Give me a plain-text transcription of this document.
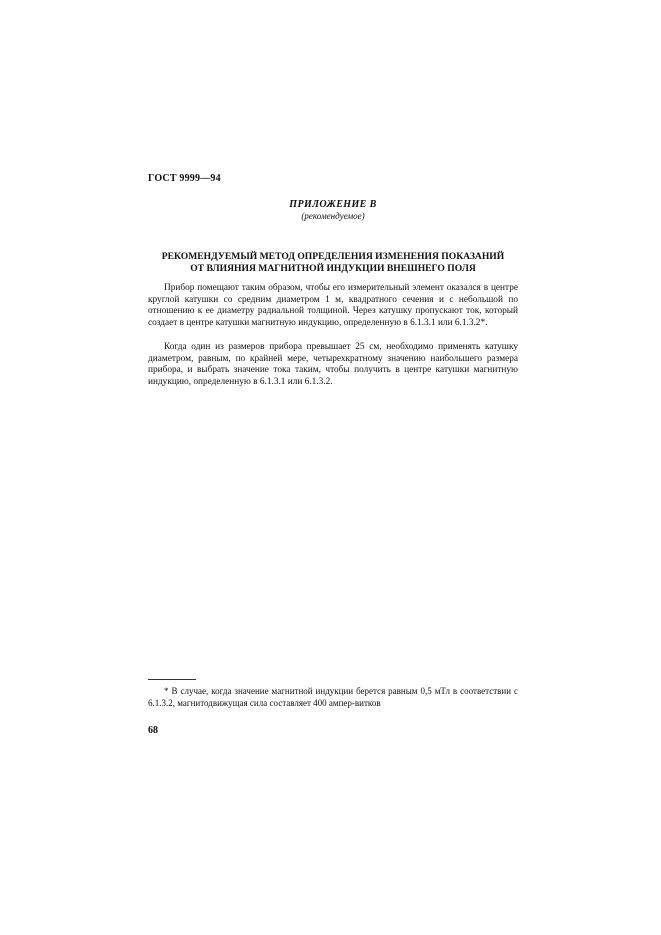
ГОСТ 9999—94
ПРИЛОЖЕНИЕ В
(рекомендуемое)
РЕКОМЕНДУЕМЫЙ МЕТОД ОПРЕДЕЛЕНИЯ ИЗМЕНЕНИЯ ПОКАЗАНИЙ
ОТ ВЛИЯНИЯ МАГНИТНОЙ ИНДУКЦИИ ВНЕШНЕГО ПОЛЯ

Прибор помещают таким образом, чтобы его измерительный элемент оказался в центре круглой катушки со средним диаметром 1 м, квадратного сечения и с небольшой по отношению к ее диаметру радиальной толщиной. Через катушку пропускают ток, который создает в центре катушки магнитную индукцию, определенную в 6.1.3.1 или 6.1.3.2*.

Когда один из размеров прибора превышает 25 см, необходимо применять катушку диаметром, равным, по крайней мере, четырехкратному значению наибольшего размера прибора, и выбрать значение тока таким, чтобы получить в центре катушки магнитную индукцию, определенную в 6.1.3.1 или 6.1.3.2.

* В случае, когда значение магнитной индукции берется равным 0,5 мТл в соответствии с 6.1.3.2, магнитодвижущая сила составляет 400 ампер-витков

68
